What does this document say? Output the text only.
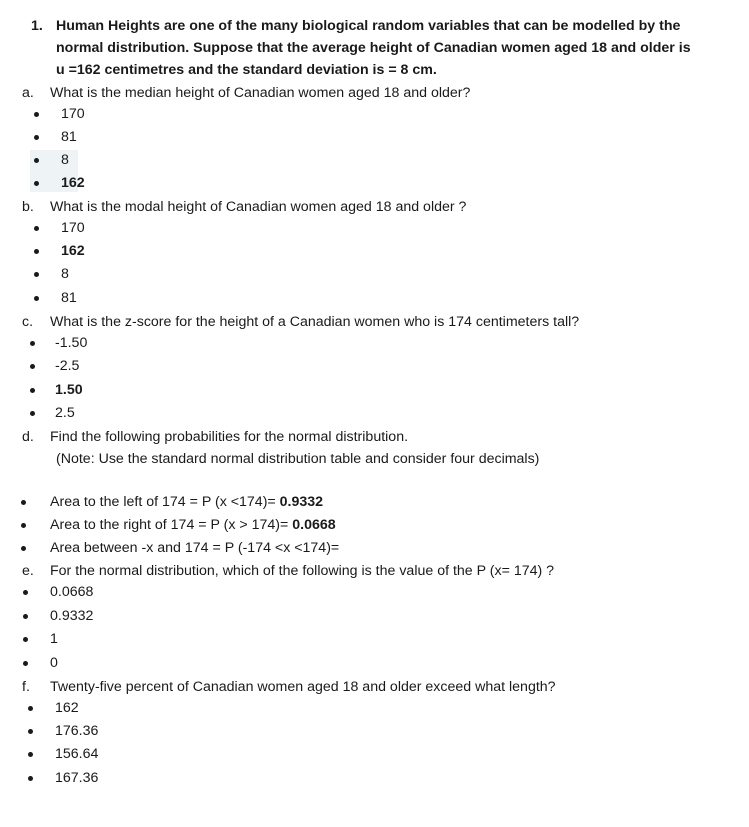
1. Human Heights are one of the many biological random variables that can be modelled by the
normal distribution. Suppose that the average height of Canadian women aged 18 and older is
u =162 centimetres and the standard deviation is = 8 cm.
a. What is the median height of Canadian women aged 18 and older?
170
81
8
162
b. What is the modal height of Canadian women aged 18 and older ?
170
162
8
81
c. What is the z-score for the height of a Canadian women who is 174 centimeters tall?
-1.50
-2.5
1.50
2.5
d. Find the following probabilities for the normal distribution.
(Note: Use the standard normal distribution table and consider four decimals)
Area to the left of 174 = P (x <174)= 0.9332
Area to the right of 174 = P (x > 174)= 0.0668
Area between -x and 174 = P (-174 <x <174)=
e. For the normal distribution, which of the following is the value of the P (x= 174) ?
0.0668
0.9332
1
0
f. Twenty-five percent of Canadian women aged 18 and older exceed what length?
162
176.36
156.64
167.36
